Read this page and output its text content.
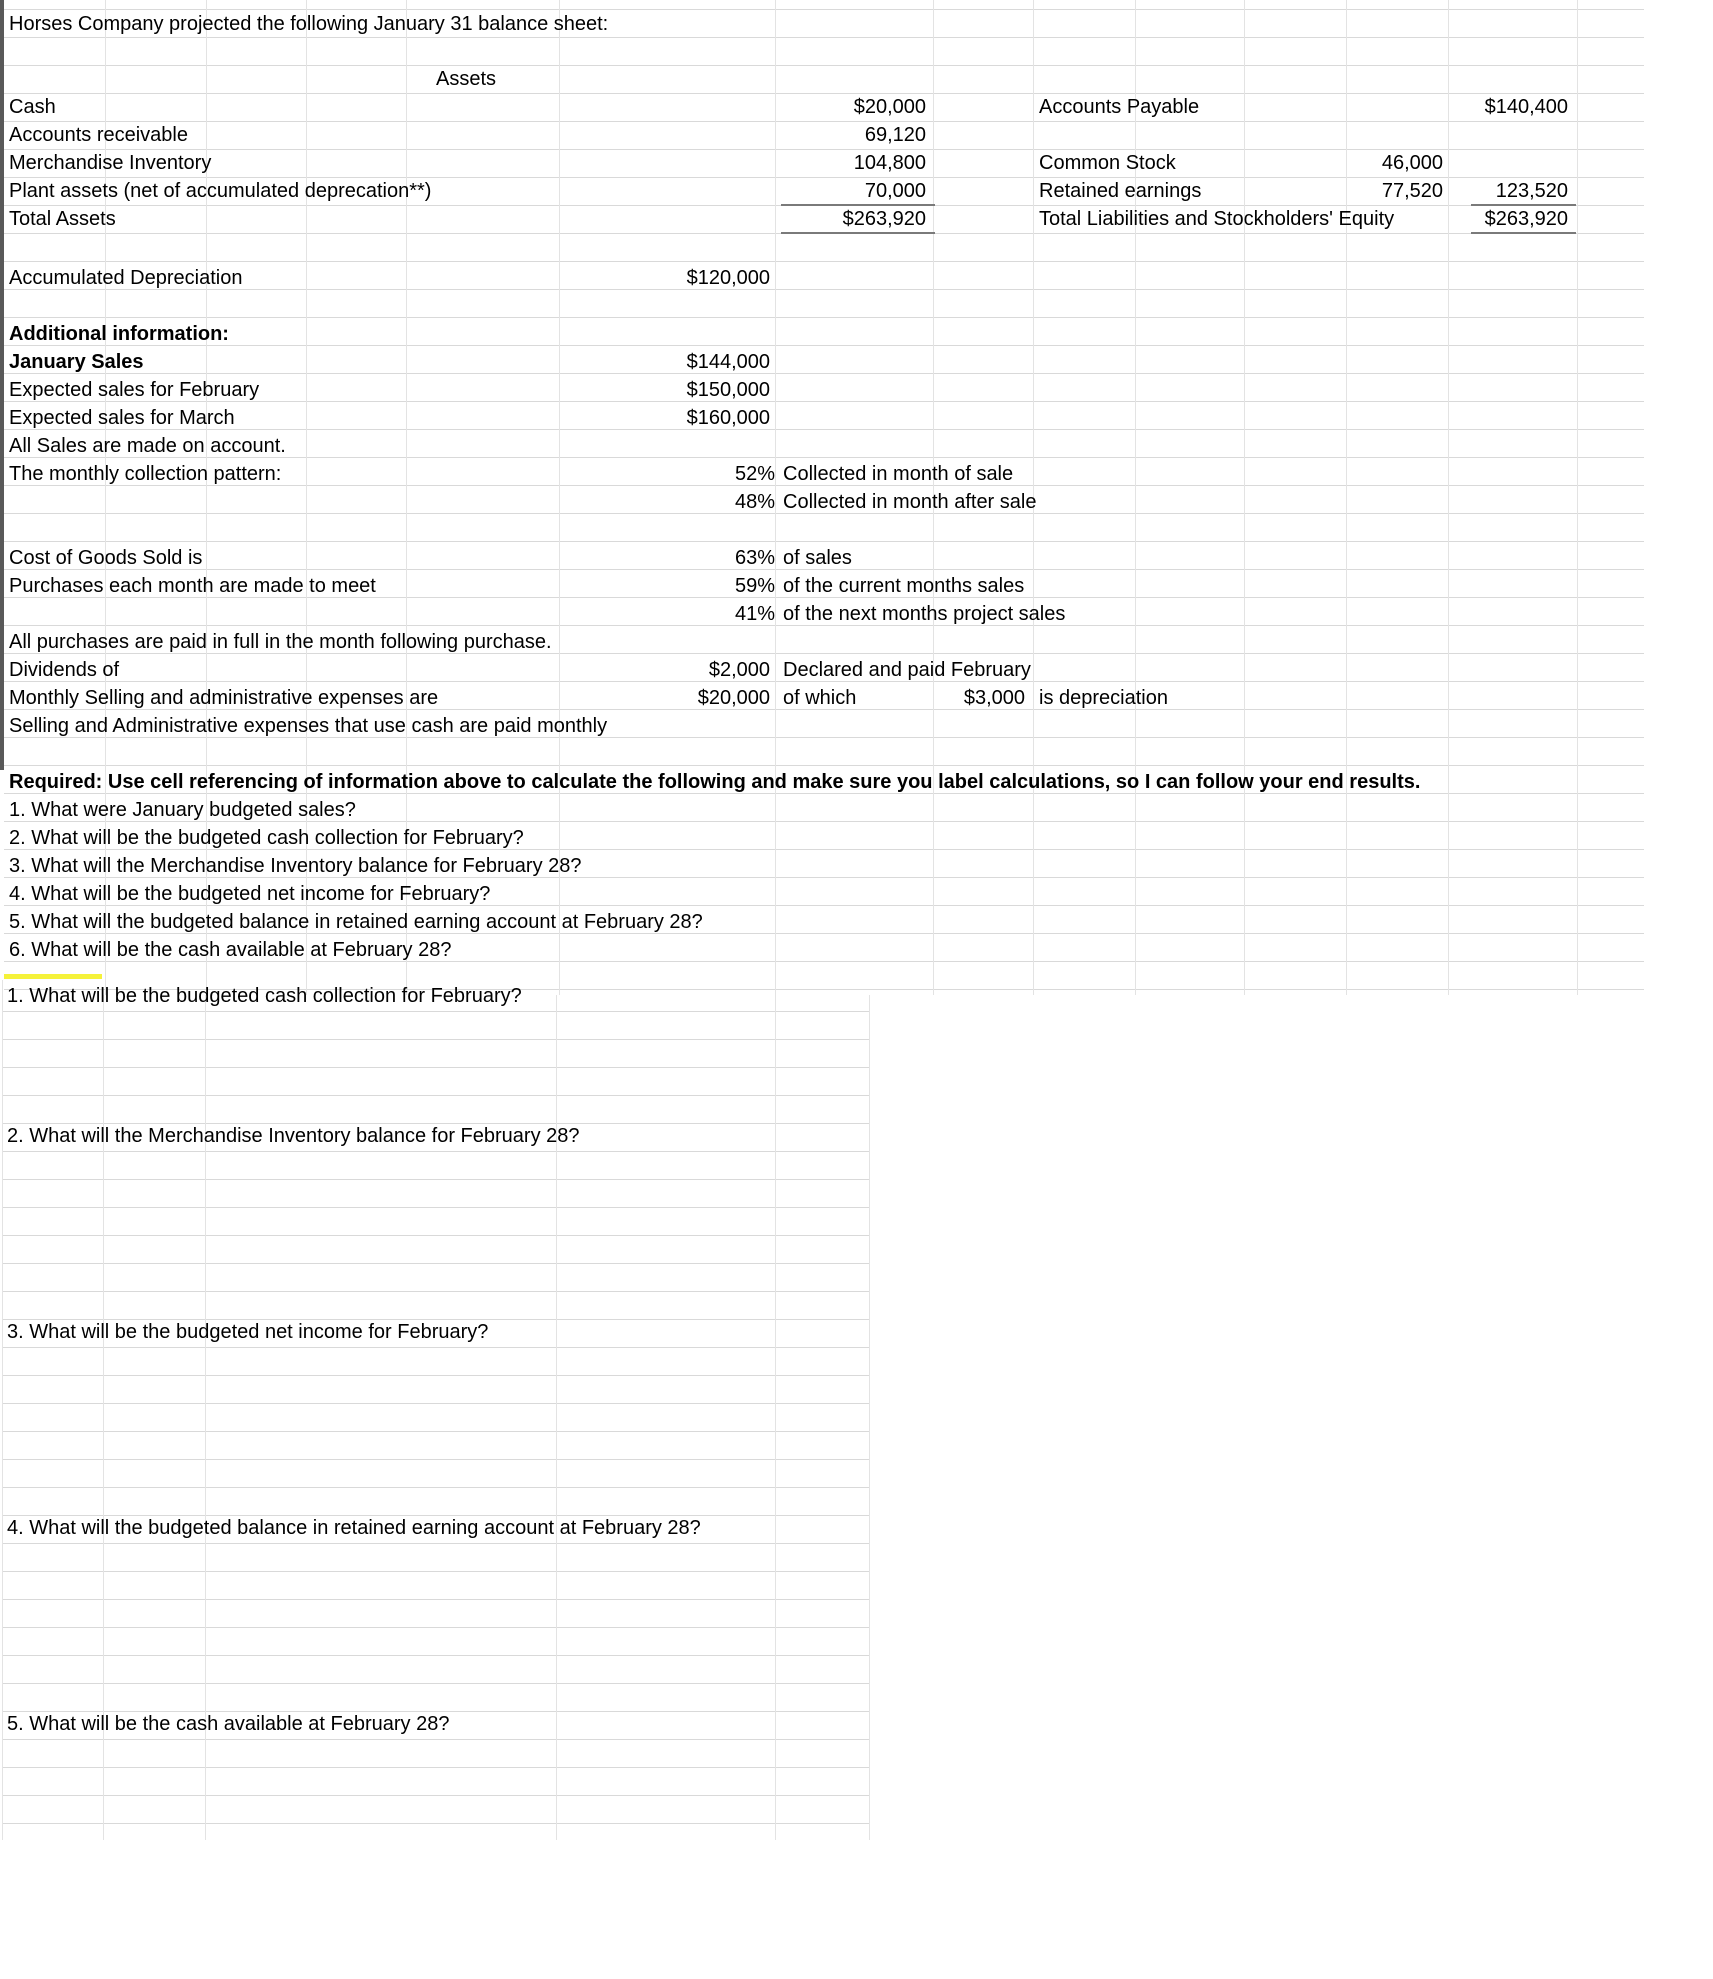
Horses Company projected the following January 31 balance sheet:
Assets
Cash	$20,000	Accounts Payable	$140,400
Accounts receivable	69,120
Merchandise Inventory	104,800	Common Stock	46,000
Plant assets (net of accumulated deprecation**)	70,000	Retained earnings	77,520	123,520
Total Assets	$263,920	Total Liabilities and Stockholders' Equity	$263,920
Accumulated Depreciation	$120,000
Additional information:
January Sales	$144,000
Expected sales for February	$150,000
Expected sales for March	$160,000
All Sales are made on account.
The monthly collection pattern:	52% Collected in month of sale
48% Collected in month after sale
Cost of Goods Sold is	63% of sales
Purchases each month are made to meet	59% of the current months sales
41% of the next months project sales
All purchases are paid in full in the month following purchase.
Dividends of	$2,000 Declared and paid February
Monthly Selling and administrative expenses are	$20,000 of which	$3,000 is depreciation
Selling and Administrative expenses that use cash are paid monthly
Required: Use cell referencing of information above to calculate the following and make sure you label calculations, so I can follow your end results.
1. What were January budgeted sales?
2. What will be the budgeted cash collection for February?
3. What will the Merchandise Inventory balance for February 28?
4. What will be the budgeted net income for February?
5. What will the budgeted balance in retained earning account at February 28?
6. What will be the cash available at February 28?
1. What will be the budgeted cash collection for February?
2. What will the Merchandise Inventory balance for February 28?
3. What will be the budgeted net income for February?
4. What will the budgeted balance in retained earning account at February 28?
5. What will be the cash available at February 28?
